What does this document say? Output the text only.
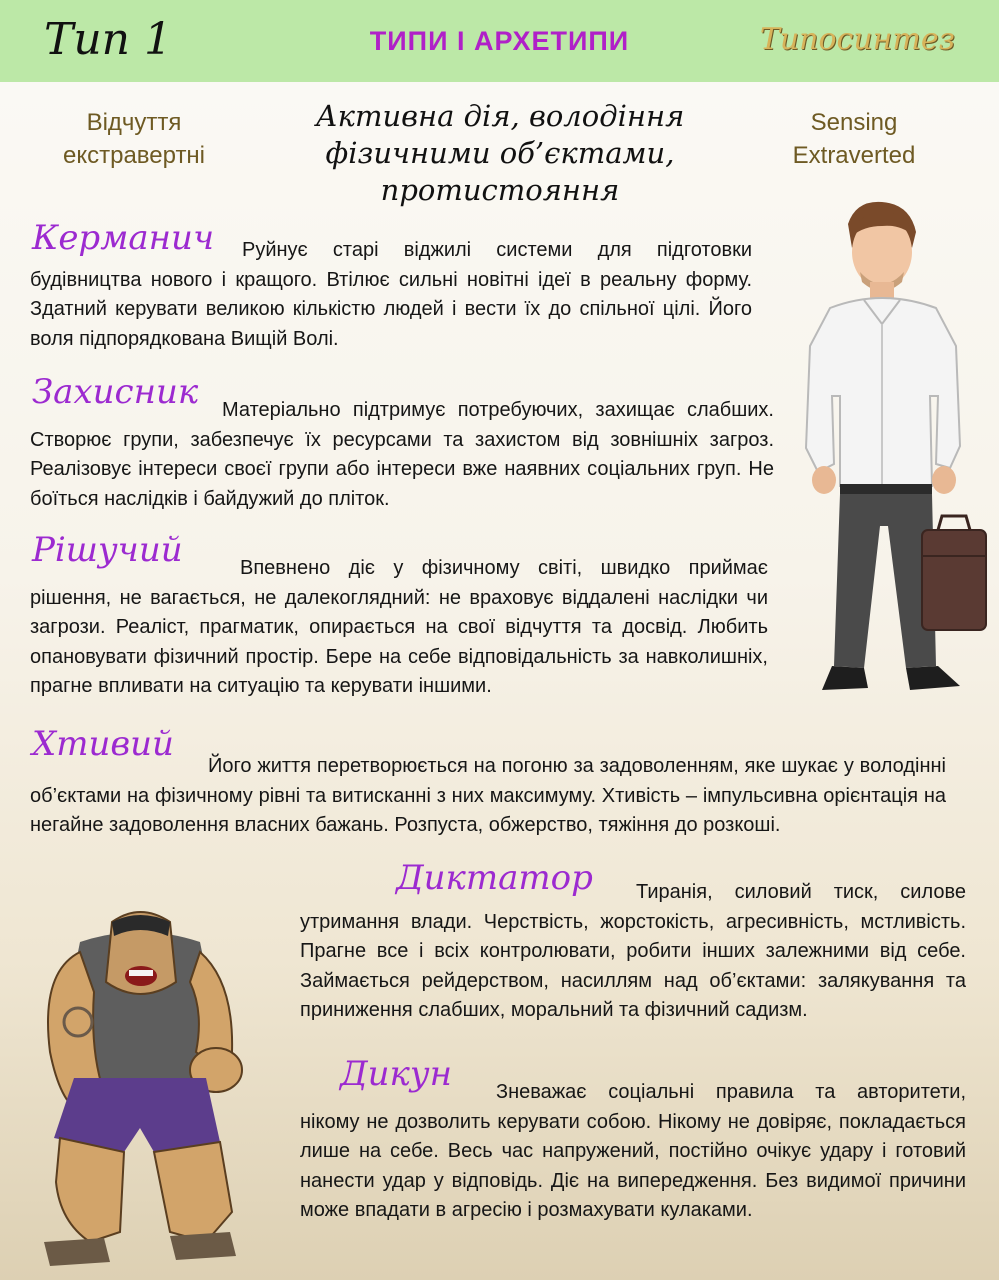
Тип 1	ТИПИ І АРХЕТИПИ	Типосинтез
Відчуття
екстравертні
Sensing
Extraverted
Активна дія, володіння
фізичними об’єктами,
протистояння
Керманич	Руйнує старі віджилі системи для підготовки будівництва нового і кращого. Втілює сильні новітні ідеї в реальну форму. Здатний керувати великою кількістю людей і вести їх до спільної цілі. Його воля підпорядкована Вищій Волі.
Захисник	Матеріально підтримує потребуючих, захищає слабших. Створює групи, забезпечує їх ресурсами та захистом від зовнішніх загроз. Реалізовує інтереси своєї групи або інтереси вже наявних соціальних груп. Не боїться наслідків і байдужий до пліток.
Рішучий	Впевнено діє у фізичному світі, швидко приймає рішення, не вагається, не далекоглядний: не враховує віддалені наслідки чи загрози. Реаліст, прагматик, опирається на свої відчуття та досвід. Любить опановувати фізичний простір. Бере на себе відповідальність за навколишніх, прагне впливати на ситуацію та керувати іншими.
Хтивий
Його життя перетворюється на погоню за задоволенням, яке шукає у володінні об’єктами на фізичному рівні та витисканні з них максимуму. Хтивість – імпульсивна орієнтація на негайне задоволення власних бажань. Розпуста, обжерство, тяжіння до розкоші.
Диктатор	Тиранія, силовий тиск, силове утримання влади. Черствість, жорстокість, агресивність, мстливість. Прагне все і всіх контролювати, робити інших залежними від себе. Займається рейдерством, насиллям над об’єктами: залякування та приниження слабших, моральний та фізичний садизм.
Дикун	Зневажає соціальні правила та авторитети, нікому не дозволить керувати собою. Нікому не довіряє, покладається лише на себе. Весь час напружений, постійно очікує удару і готовий нанести удар у відповідь. Діє на випередження. Без видимої причини може впадати в агресію і розмахувати кулаками.
